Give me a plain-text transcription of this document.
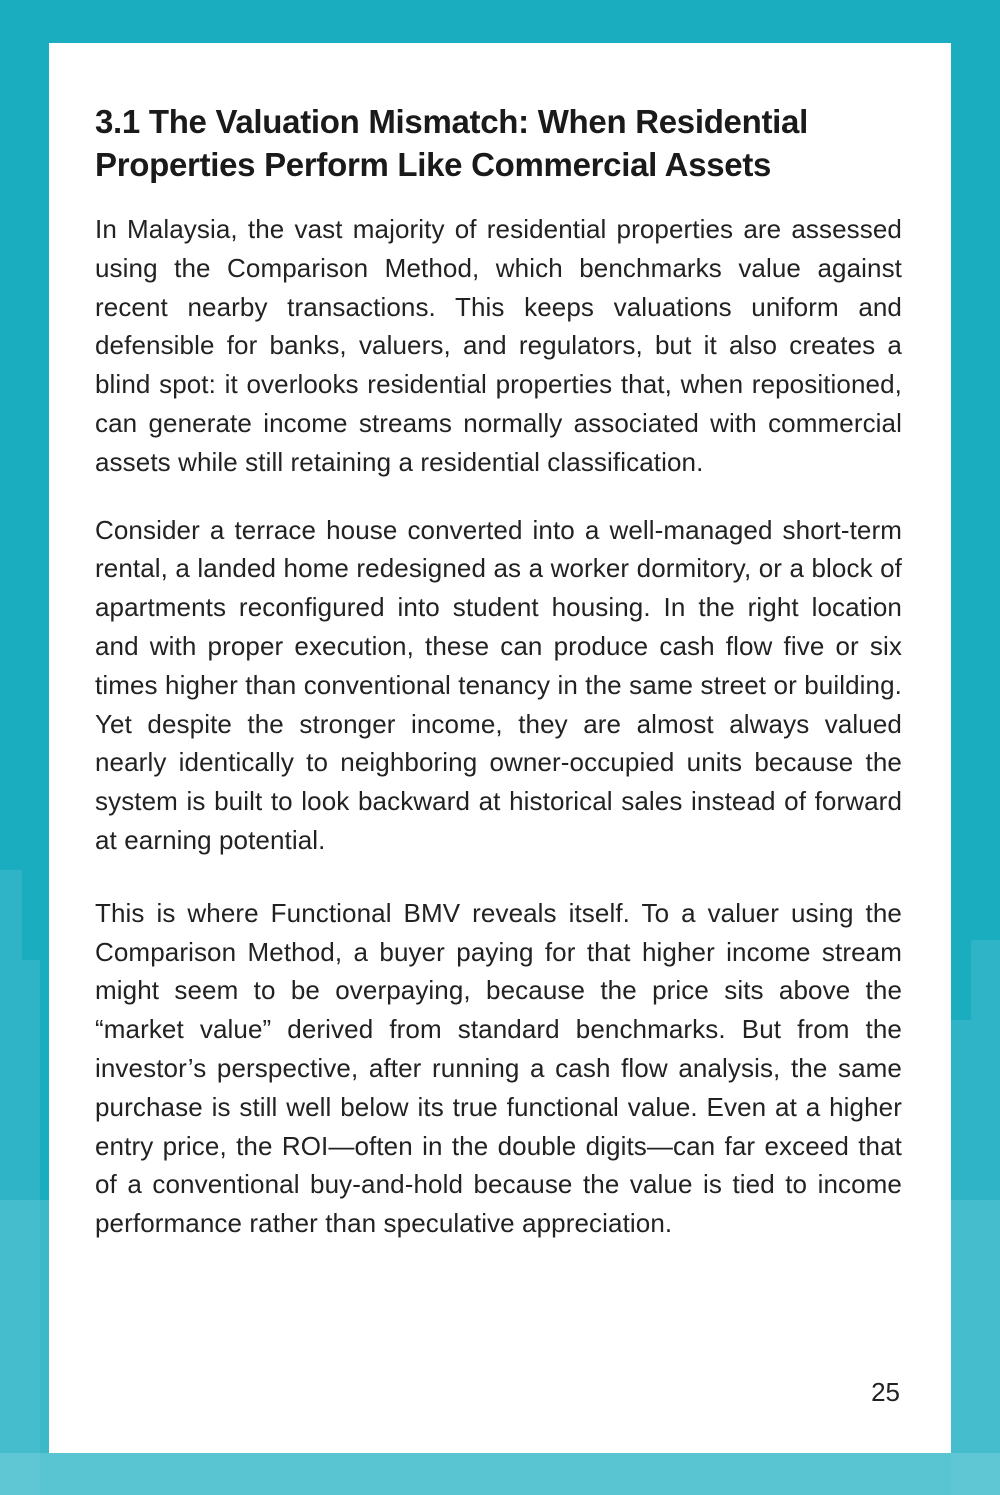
3.1 The Valuation Mismatch: When Residential Properties Perform Like Commercial Assets

In Malaysia, the vast majority of residential properties are assessed using the Comparison Method, which benchmarks value against recent nearby transactions. This keeps valuations uniform and defensible for banks, valuers, and regulators, but it also creates a blind spot: it overlooks residential properties that, when repositioned, can generate income streams normally associated with commercial assets while still retaining a residential classification.

Consider a terrace house converted into a well-managed short-term rental, a landed home redesigned as a worker dormitory, or a block of apartments reconfigured into student housing. In the right location and with proper execution, these can produce cash flow five or six times higher than conventional tenancy in the same street or building. Yet despite the stronger income, they are almost always valued nearly identically to neighboring owner-occupied units because the system is built to look backward at historical sales instead of forward at earning potential.

This is where Functional BMV reveals itself. To a valuer using the Comparison Method, a buyer paying for that higher income stream might seem to be overpaying, because the price sits above the “market value” derived from standard benchmarks. But from the investor’s perspective, after running a cash flow analysis, the same purchase is still well below its true functional value. Even at a higher entry price, the ROI—often in the double digits—can far exceed that of a conventional buy-and-hold because the value is tied to income performance rather than speculative appreciation.

25
